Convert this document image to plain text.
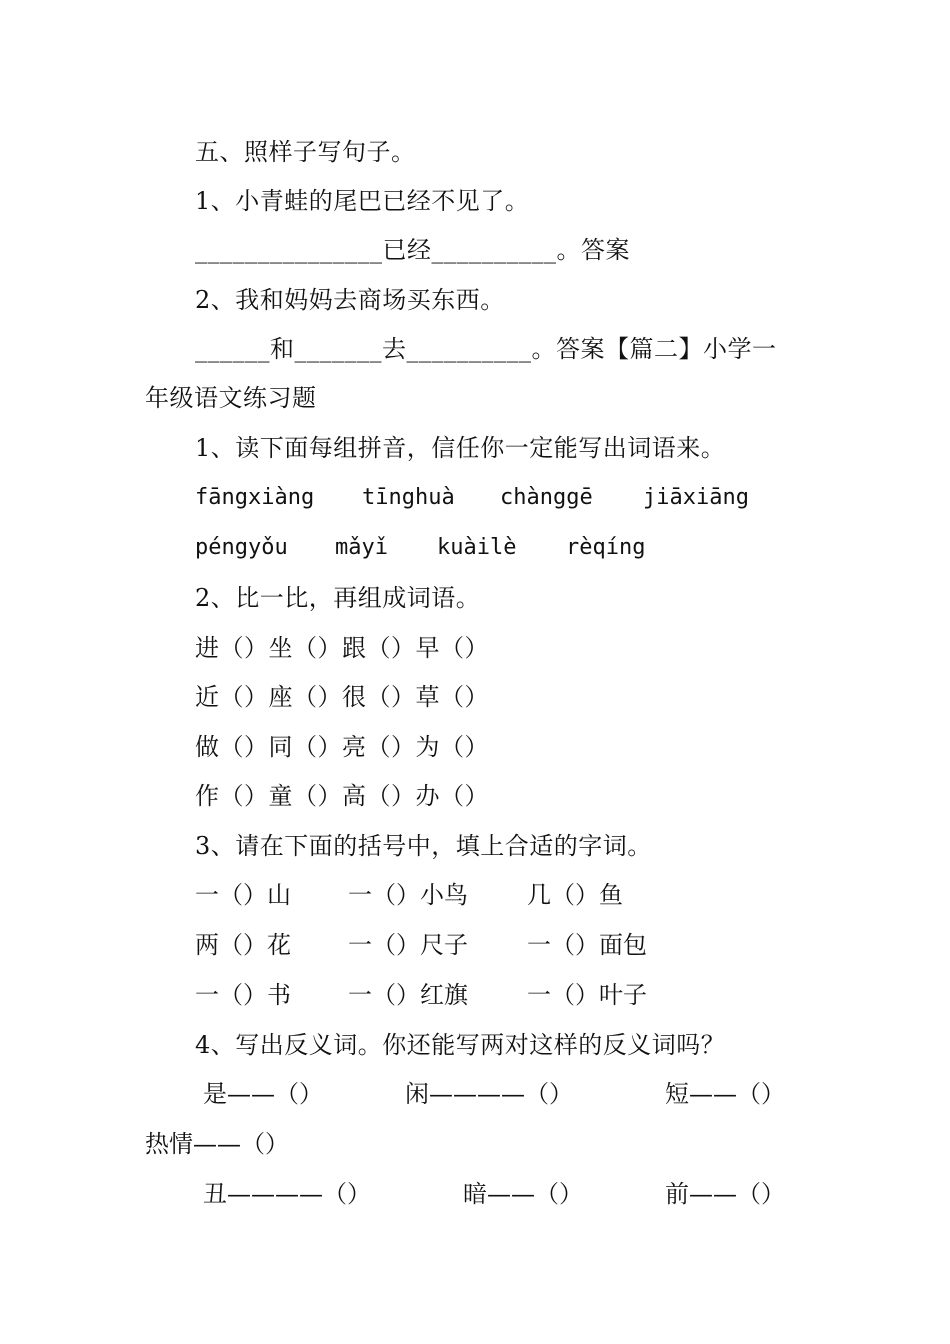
五、照样子写句子。
1、小青蛙的尾巴已经不见了。
_______________已经__________。答案
2、我和妈妈去商场买东西。
______和_______去__________。答案【篇二】小学一
年级语文练习题
1、读下面每组拼音，信任你一定能写出词语来。
fāngxiàng tīnghuà chànggē jiāxiāng
péngyǒu mǎyǐ kuàilè rèqíng
2、比一比，再组成词语。
进（）坐（）跟（）早（）
近（）座（）很（）草（）
做（）同（）亮（）为（）
作（）童（）高（）办（）
3、请在下面的括号中，填上合适的字词。
一（）山 一（）小鸟 几（）鱼
两（）花 一（）尺子 一（）面包
一（）书 一（）红旗 一（）叶子
4、写出反义词。你还能写两对这样的反义词吗？
是——（）	闲————（）	短——（）
热情——（）
丑————（）	暗——（）	前——（）
